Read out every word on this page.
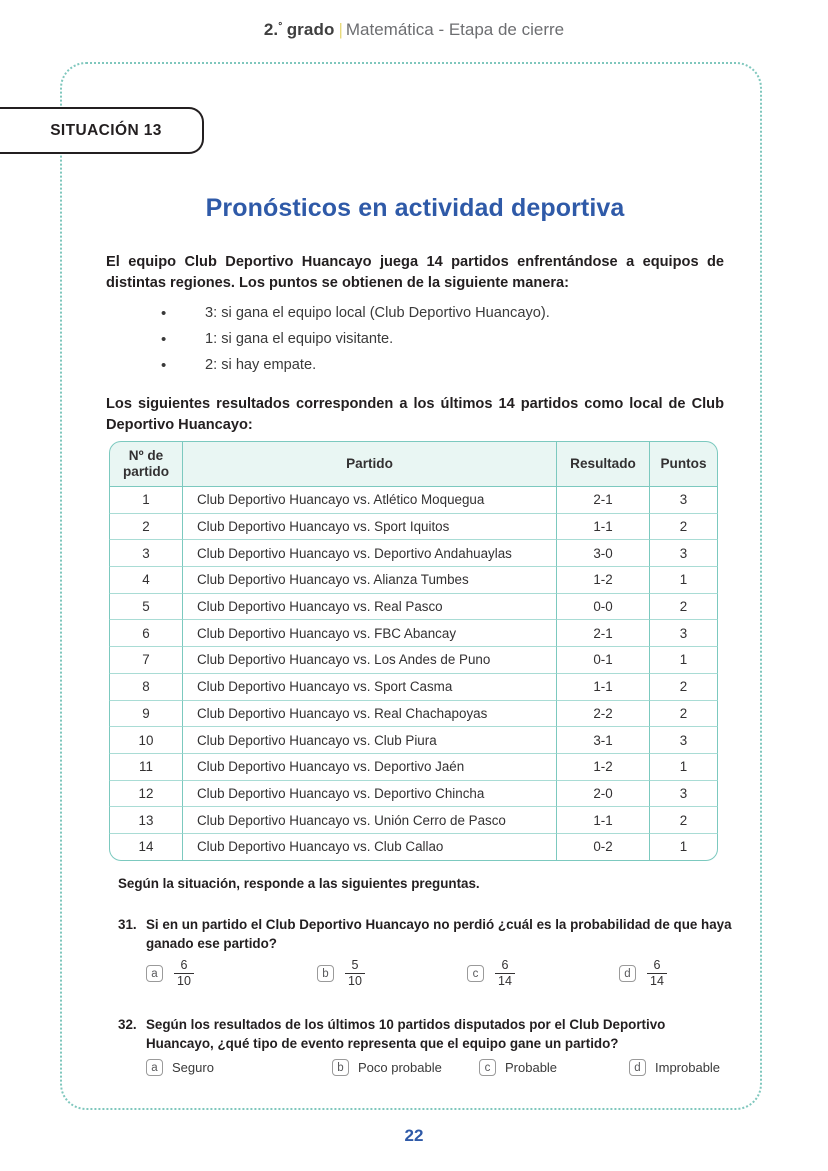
2.° grado | Matemática - Etapa de cierre
SITUACIÓN 13
Pronósticos en actividad deportiva
El equipo Club Deportivo Huancayo juega 14 partidos enfrentándose a equipos de distintas regiones. Los puntos se obtienen de la siguiente manera:
•	3: si gana el equipo local (Club Deportivo Huancayo).
•	1: si gana el equipo visitante.
•	2: si hay empate.
Los siguientes resultados corresponden a los últimos 14 partidos como local de Club Deportivo Huancayo:
Nº de
partido	Partido	Resultado	Puntos
1	Club Deportivo Huancayo vs. Atlético Moquegua	2-1	3
2	Club Deportivo Huancayo vs. Sport Iquitos	1-1	2
3	Club Deportivo Huancayo vs. Deportivo Andahuaylas	3-0	3
4	Club Deportivo Huancayo vs. Alianza Tumbes	1-2	1
5	Club Deportivo Huancayo vs. Real Pasco	0-0	2
6	Club Deportivo Huancayo vs. FBC Abancay	2-1	3
7	Club Deportivo Huancayo vs. Los Andes de Puno	0-1	1
8	Club Deportivo Huancayo vs. Sport Casma	1-1	2
9	Club Deportivo Huancayo vs. Real Chachapoyas	2-2	2
10	Club Deportivo Huancayo vs. Club Piura	3-1	3
11	Club Deportivo Huancayo vs. Deportivo Jaén	1-2	1
12	Club Deportivo Huancayo vs. Deportivo Chincha	2-0	3
13	Club Deportivo Huancayo vs. Unión Cerro de Pasco	1-1	2
14	Club Deportivo Huancayo vs. Club Callao	0-2	1
Según la situación, responde a las siguientes preguntas.
31. Si en un partido el Club Deportivo Huancayo no perdió ¿cuál es la probabilidad de que haya ganado ese partido?
a	$\frac{6}{10}$	b	$\frac{5}{10}$	c	$\frac{6}{14}$	d	$\frac{6}{14}$
32. Según los resultados de los últimos 10 partidos disputados por el Club Deportivo Huancayo, ¿qué tipo de evento representa que el equipo gane un partido?
a	Seguro	b	Poco probable	c	Probable	d	Improbable
22
